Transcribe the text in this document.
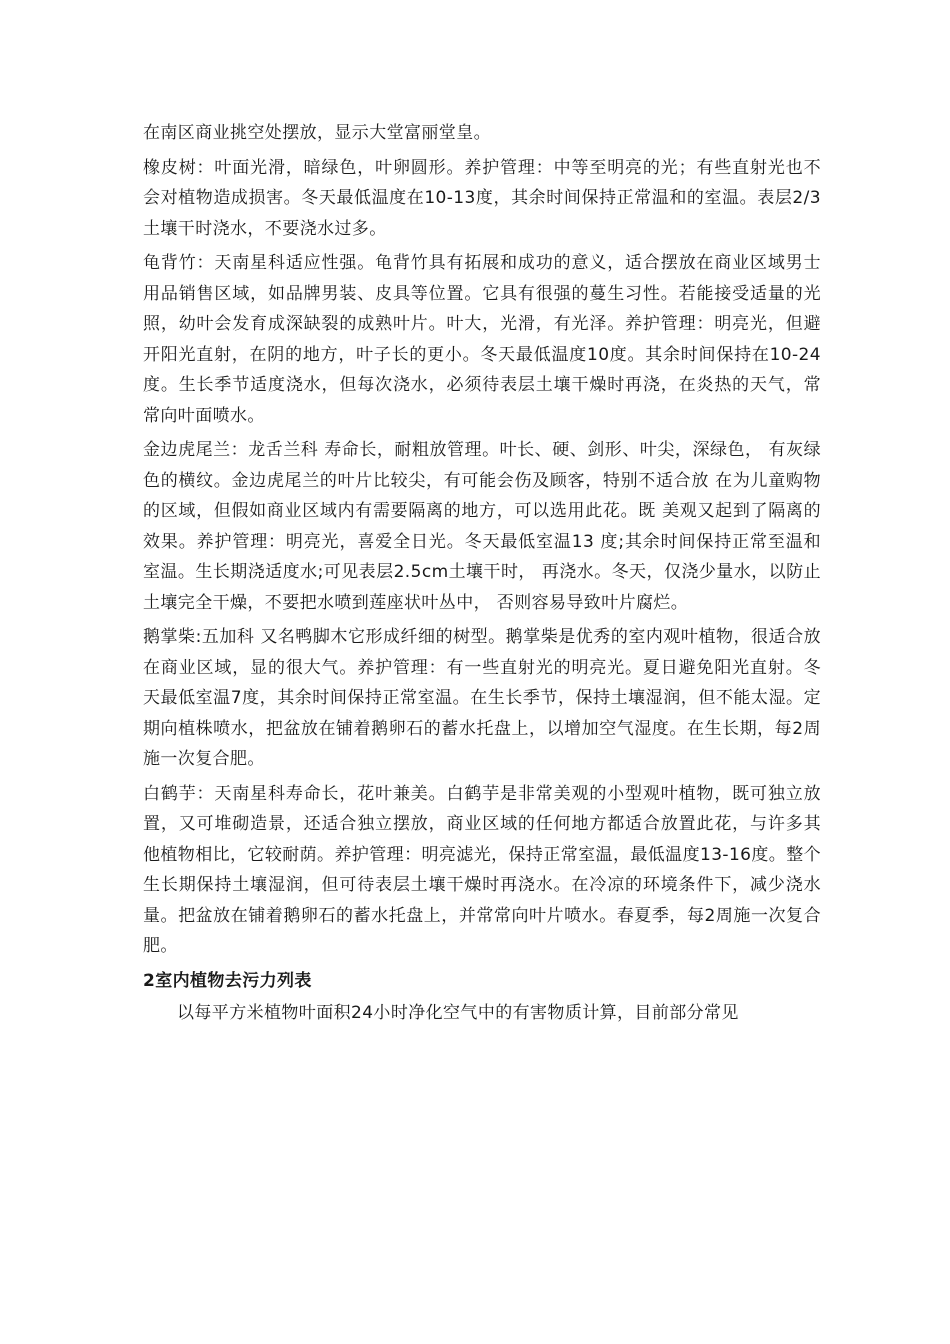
在南区商业挑空处摆放，显示大堂富丽堂皇。

橡皮树：叶面光滑，暗绿色，叶卵圆形。养护管理：中等至明亮的光；有些直射光也不会对植物造成损害。冬天最低温度在10-13度，其余时间保持正常温和的室温。表层2/3 土壤干时浇水，不要浇水过多。

龟背竹：天南星科适应性强。龟背竹具有拓展和成功的意义，适合摆放在商业区域男士用品销售区域，如品牌男装、皮具等位置。它具有很强的蔓生习性。若能接受适量的光照，幼叶会发育成深缺裂的成熟叶片。叶大，光滑，有光泽。养护管理：明亮光，但避开阳光直射，在阴的地方，叶子长的更小。冬天最低温度10度。其余时间保持在10-24度。生长季节适度浇水，但每次浇水，必须待表层土壤干燥时再浇，在炎热的天气，常常向叶面喷水。

金边虎尾兰：龙舌兰科 寿命长，耐粗放管理。叶长、硬、剑形、叶尖，深绿色， 有灰绿色的横纹。金边虎尾兰的叶片比较尖，有可能会伤及顾客，特别不适合放 在为儿童购物的区域，但假如商业区域内有需要隔离的地方，可以选用此花。既 美观又起到了隔离的效果。养护管理：明亮光，喜爱全日光。冬天最低室温13 度;其余时间保持正常至温和室温。生长期浇适度水;可见表层2.5cm土壤干时， 再浇水。冬天，仅浇少量水，以防止土壤完全干燥，不要把水喷到莲座状叶丛中， 否则容易导致叶片腐烂。

鹅掌柴:五加科 又名鸭脚木它形成纤细的树型。鹅掌柴是优秀的室内观叶植物，很适合放在商业区域，显的很大气。养护管理：有一些直射光的明亮光。夏日避免阳光直射。冬天最低室温7度，其余时间保持正常室温。在生长季节，保持土壤湿润，但不能太湿。定期向植株喷水，把盆放在铺着鹅卵石的蓄水托盘上，以增加空气湿度。在生长期，每2周施一次复合肥。

白鹤芋：天南星科寿命长，花叶兼美。白鹤芋是非常美观的小型观叶植物，既可独立放置，又可堆砌造景，还适合独立摆放，商业区域的任何地方都适合放置此花，与许多其他植物相比，它较耐荫。养护管理：明亮滤光，保持正常室温，最低温度13-16度。整个生长期保持土壤湿润，但可待表层土壤干燥时再浇水。在冷凉的环境条件下，减少浇水量。把盆放在铺着鹅卵石的蓄水托盘上，并常常向叶片喷水。春夏季，每2周施一次复合肥。

2室内植物去污力列表

以每平方米植物叶面积24小时净化空气中的有害物质计算，目前部分常见
